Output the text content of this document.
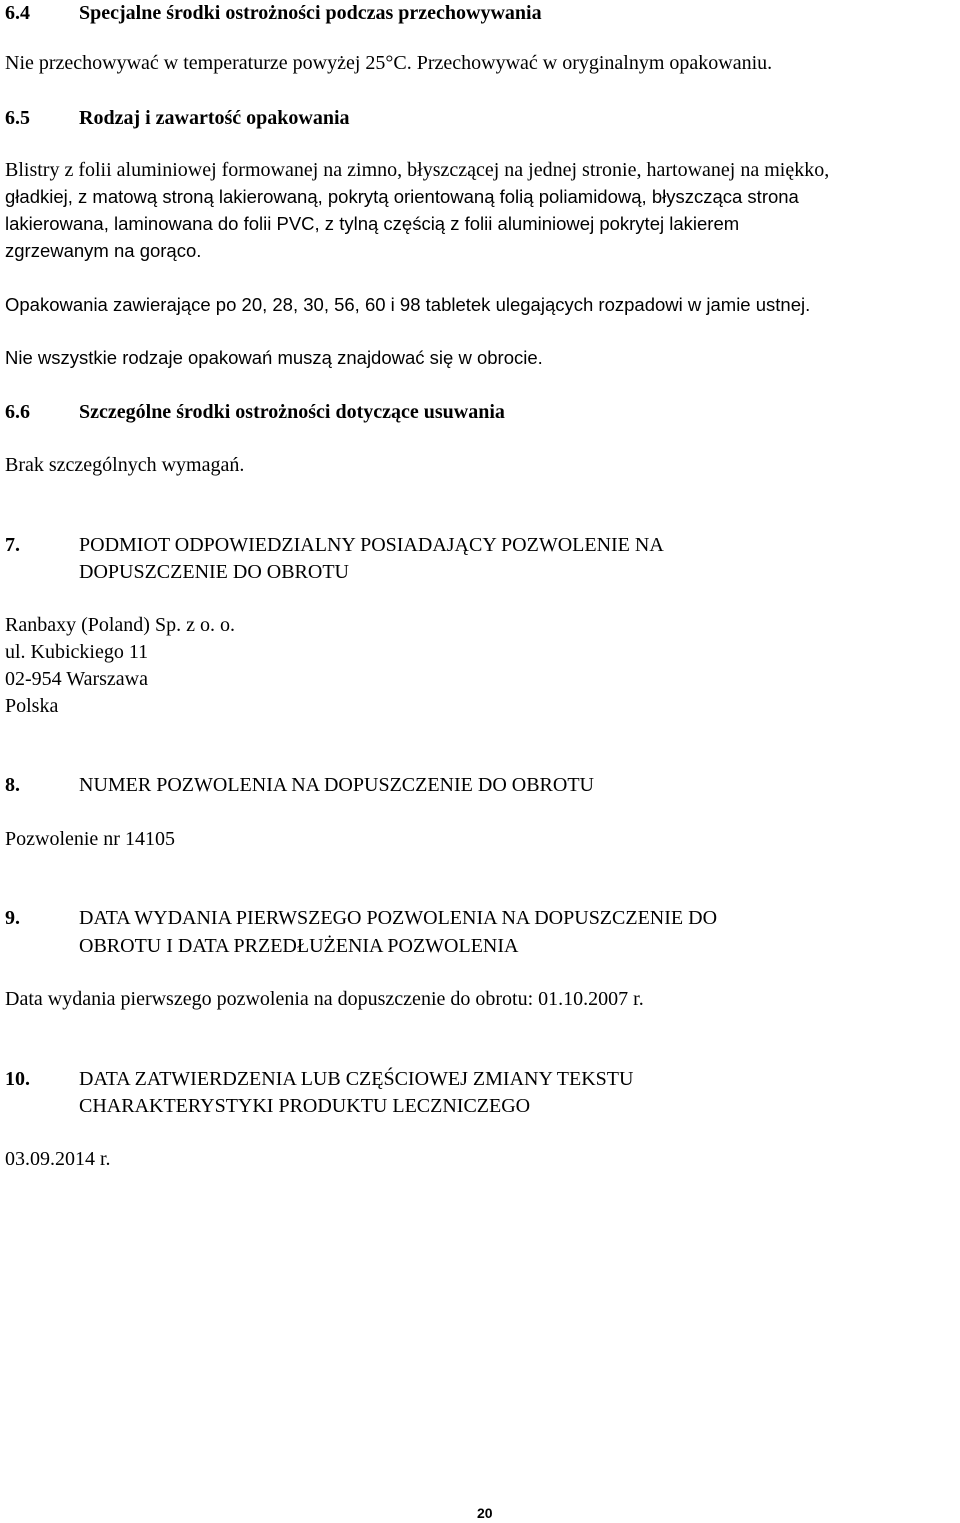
6.4 Specjalne środki ostrożności podczas przechowywania
Nie przechowywać w temperaturze powyżej 25°C. Przechowywać w oryginalnym opakowaniu.
6.5 Rodzaj i zawartość opakowania
Blistry z folii aluminiowej formowanej na zimno, błyszczącej na jednej stronie, hartowanej na miękko,
gładkiej, z matową stroną lakierowaną, pokrytą orientowaną folią poliamidową, błyszcząca strona
lakierowana, laminowana do folii PVC, z tylną częścią z folii aluminiowej pokrytej lakierem
zgrzewanym na gorąco.
Opakowania zawierające po 20, 28, 30, 56, 60 i 98 tabletek ulegających rozpadowi w jamie ustnej.
Nie wszystkie rodzaje opakowań muszą znajdować się w obrocie.
6.6 Szczególne środki ostrożności dotyczące usuwania
Brak szczególnych wymagań.
7.	PODMIOT ODPOWIEDZIALNY POSIADAJĄCY POZWOLENIE NA
DOPUSZCZENIE DO OBROTU
Ranbaxy (Poland) Sp. z o. o.
ul. Kubickiego 11
02-954 Warszawa
Polska
8.	NUMER POZWOLENIA NA DOPUSZCZENIE DO OBROTU
Pozwolenie nr 14105
9.	DATA WYDANIA PIERWSZEGO POZWOLENIA NA DOPUSZCZENIE DO
OBROTU I DATA PRZEDŁUŻENIA POZWOLENIA
Data wydania pierwszego pozwolenia na dopuszczenie do obrotu: 01.10.2007 r.
10. DATA ZATWIERDZENIA LUB CZĘŚCIOWEJ ZMIANY TEKSTU
CHARAKTERYSTYKI PRODUKTU LECZNICZEGO
03.09.2014 r.
20
